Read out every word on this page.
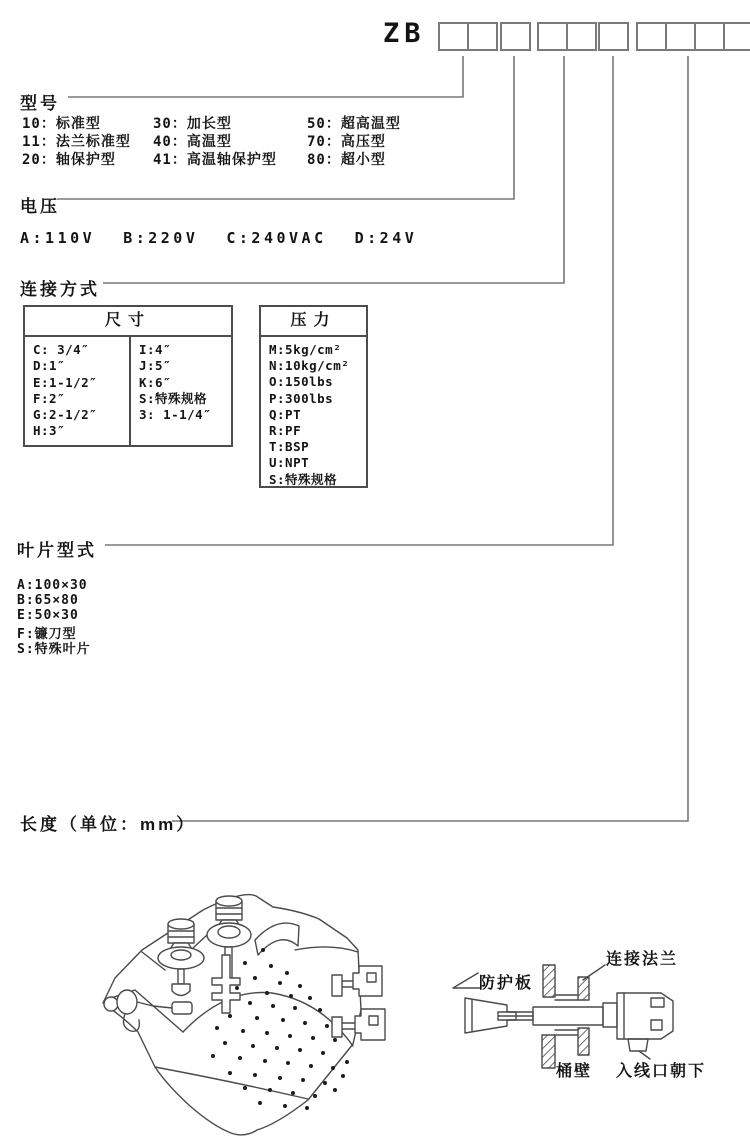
ZB
型号
10：标准型	30：加长型	50：超高温型
11：法兰标准型 40：高温型	70：高压型
20：轴保护型	41：高温轴保护型 80：超小型
电压
A:110V B:220V C:240VAC D:24V
连接方式
尺寸
C: 3/4″
D:1″
E:1-1/2″
F:2″
G:2-1/2″
H:3″
I:4″
J:5″
K:6″
S:特殊规格
3: 1-1/4″
压力
M:5kg/cm²
N:10kg/cm²
O:150lbs
P:300lbs
Q:PT
R:PF
T:BSP
U:NPT
S:特殊规格
叶片型式
A:100×30
B:65×80
E:50×30
F:镰刀型
S:特殊叶片
长度（单位：mm）
防护板
连接法兰
桶壁 入线口朝下
